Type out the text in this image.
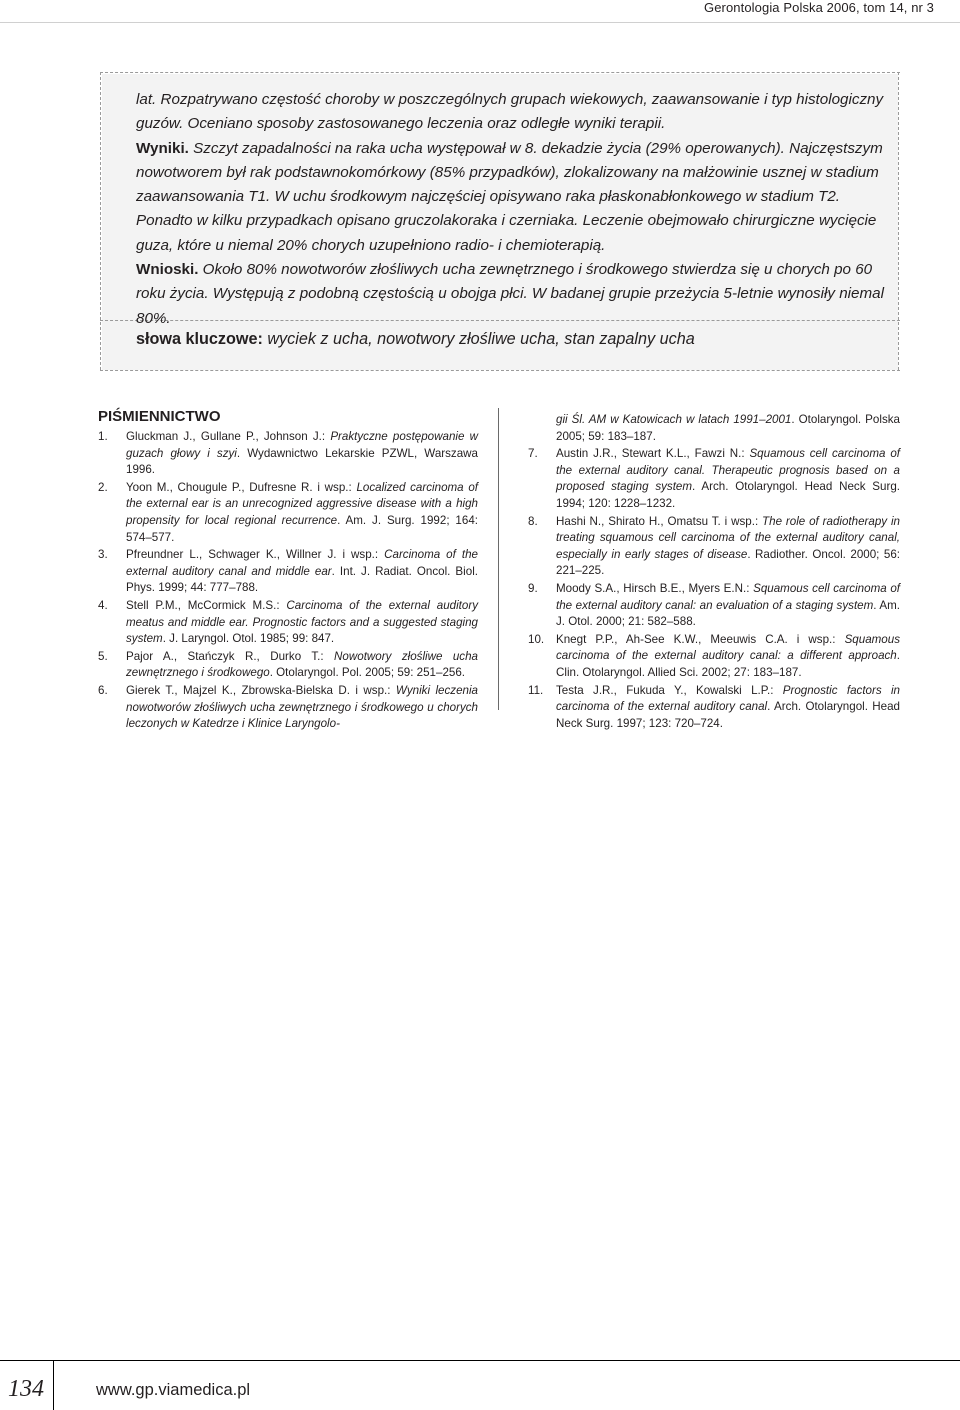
Gerontologia Polska 2006, tom 14, nr 3

lat. Rozpatrywano częstość choroby w poszczególnych grupach wiekowych, zaawansowanie i typ histologiczny guzów. Oceniano sposoby zastosowanego leczenia oraz odległe wyniki terapii.

Wyniki. Szczyt zapadalności na raka ucha występował w 8. dekadzie życia (29% operowanych). Najczęstszym nowotworem był rak podstawnokomórkowy (85% przypadków), zlokalizowany na małżowinie usznej w stadium zaawansowania T1. W uchu środkowym najczęściej opisywano raka płaskonabłonkowego w stadium T2. Ponadto w kilku przypadkach opisano gruczolakoraka i czerniaka. Leczenie obejmowało chirurgiczne wycięcie guza, które u niemal 20% chorych uzupełniono radio- i chemioterapią.

Wnioski. Około 80% nowotworów złośliwych ucha zewnętrznego i środkowego stwierdza się u chorych po 60 roku życia. Występują z podobną częstością u obojga płci. W badanej grupie przeżycia 5-letnie wynosiły niemal 80%.

słowa kluczowe: wyciek z ucha, nowotwory złośliwe ucha, stan zapalny ucha
PIŚMIENNICTWO
1. Gluckman J., Gullane P., Johnson J.: Praktyczne postępowanie w guzach głowy i szyi. Wydawnictwo Lekarskie PZWL, Warszawa 1996.
2. Yoon M., Chougule P., Dufresne R. i wsp.: Localized carcinoma of the external ear is an unrecognized aggressive disease with a high propensity for local regional recurrence. Am. J. Surg. 1992; 164: 574–577.
3. Pfreundner L., Schwager K., Willner J. i wsp.: Carcinoma of the external auditory canal and middle ear. Int. J. Radiat. Oncol. Biol. Phys. 1999; 44: 777–788.
4. Stell P.M., McCormick M.S.: Carcinoma of the external auditory meatus and middle ear. Prognostic factors and a suggested staging system. J. Laryngol. Otol. 1985; 99: 847.
5. Pajor A., Stańczyk R., Durko T.: Nowotwory złośliwe ucha zewnętrznego i środkowego. Otolaryngol. Pol. 2005; 59: 251–256.
6. Gierek T., Majzel K., Zbrowska-Bielska D. i wsp.: Wyniki leczenia nowotworów złośliwych ucha zewnętrznego i środkowego u chorych leczonych w Katedrze i Klinice Laryngolo-
gii Śl. AM w Katowicach w latach 1991–2001. Otolaryngol. Polska 2005; 59: 183–187.
7. Austin J.R., Stewart K.L., Fawzi N.: Squamous cell carcinoma of the external auditory canal. Therapeutic prognosis based on a proposed staging system. Arch. Otolaryngol. Head Neck Surg. 1994; 120: 1228–1232.
8. Hashi N., Shirato H., Omatsu T. i wsp.: The role of radiotherapy in treating squamous cell carcinoma of the external auditory canal, especially in early stages of disease. Radiother. Oncol. 2000; 56: 221–225.
9. Moody S.A., Hirsch B.E., Myers E.N.: Squamous cell carcinoma of the external auditory canal: an evaluation of a staging system. Am. J. Otol. 2000; 21: 582–588.
10. Knegt P.P., Ah-See K.W., Meeuwis C.A. i wsp.: Squamous carcinoma of the external auditory canal: a different approach. Clin. Otolaryngol. Allied Sci. 2002; 27: 183–187.
11. Testa J.R., Fukuda Y., Kowalski L.P.: Prognostic factors in carcinoma of the external auditory canal. Arch. Otolaryngol. Head Neck Surg. 1997; 123: 720–724.
134	www.gp.viamedica.pl
